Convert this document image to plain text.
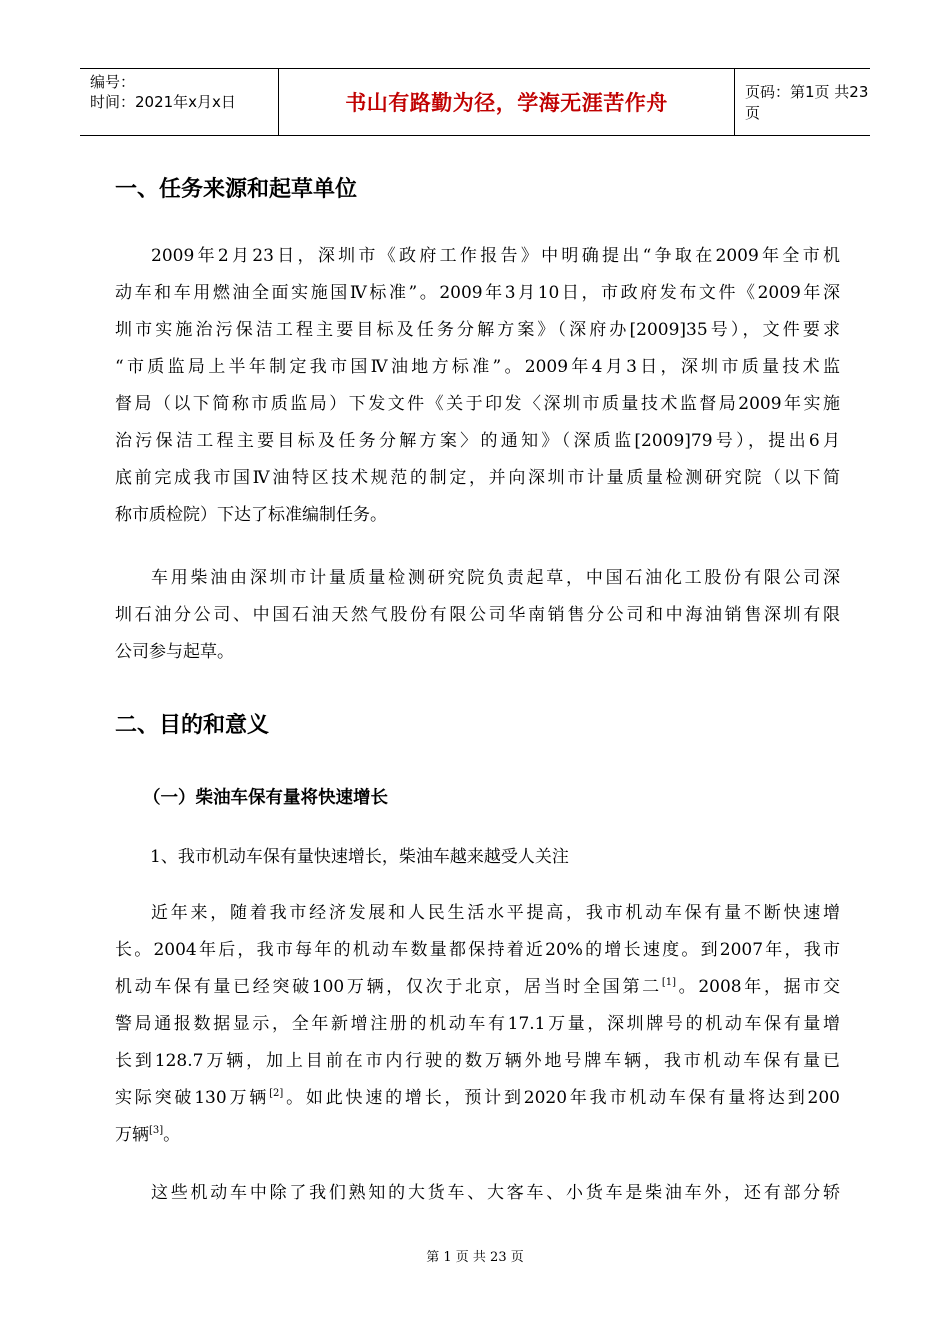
编号：
时间：2021年x月x日	书山有路勤为径，学海无涯苦作舟	页码：第1页 共23页
一、任务来源和起草单位
2009年2月23日，深圳市《政府工作报告》中明确提出“争取在2009年全市机
动车和车用燃油全面实施国Ⅳ标准”。2009年3月10日，市政府发布文件《2009年深
圳市实施治污保洁工程主要目标及任务分解方案》（深府办[2009]35号），文件要求
“市质监局上半年制定我市国Ⅳ油地方标准”。2009年4月3日，深圳市质量技术监
督局（以下简称市质监局）下发文件《关于印发〈深圳市质量技术监督局2009年实施
治污保洁工程主要目标及任务分解方案〉的通知》（深质监[2009]79号），提出6月
底前完成我市国Ⅳ油特区技术规范的制定，并向深圳市计量质量检测研究院（以下简
称市质检院）下达了标准编制任务。
车用柴油由深圳市计量质量检测研究院负责起草，中国石油化工股份有限公司深
圳石油分公司、中国石油天然气股份有限公司华南销售分公司和中海油销售深圳有限
公司参与起草。
二、目的和意义
（一）柴油车保有量将快速增长
1、我市机动车保有量快速增长，柴油车越来越受人关注
近年来，随着我市经济发展和人民生活水平提高，我市机动车保有量不断快速增
长。2004年后，我市每年的机动车数量都保持着近20%的增长速度。到2007年，我市
机动车保有量已经突破100万辆，仅次于北京，居当时全国第二[1]。2008年，据市交
警局通报数据显示，全年新增注册的机动车有17.1万量，深圳牌号的机动车保有量增
长到128.7万辆，加上目前在市内行驶的数万辆外地号牌车辆，我市机动车保有量已
实际突破130万辆[2]。如此快速的增长，预计到2020年我市机动车保有量将达到200
万辆[3]。
这些机动车中除了我们熟知的大货车、大客车、小货车是柴油车外，还有部分轿
第 1 页 共 23 页
